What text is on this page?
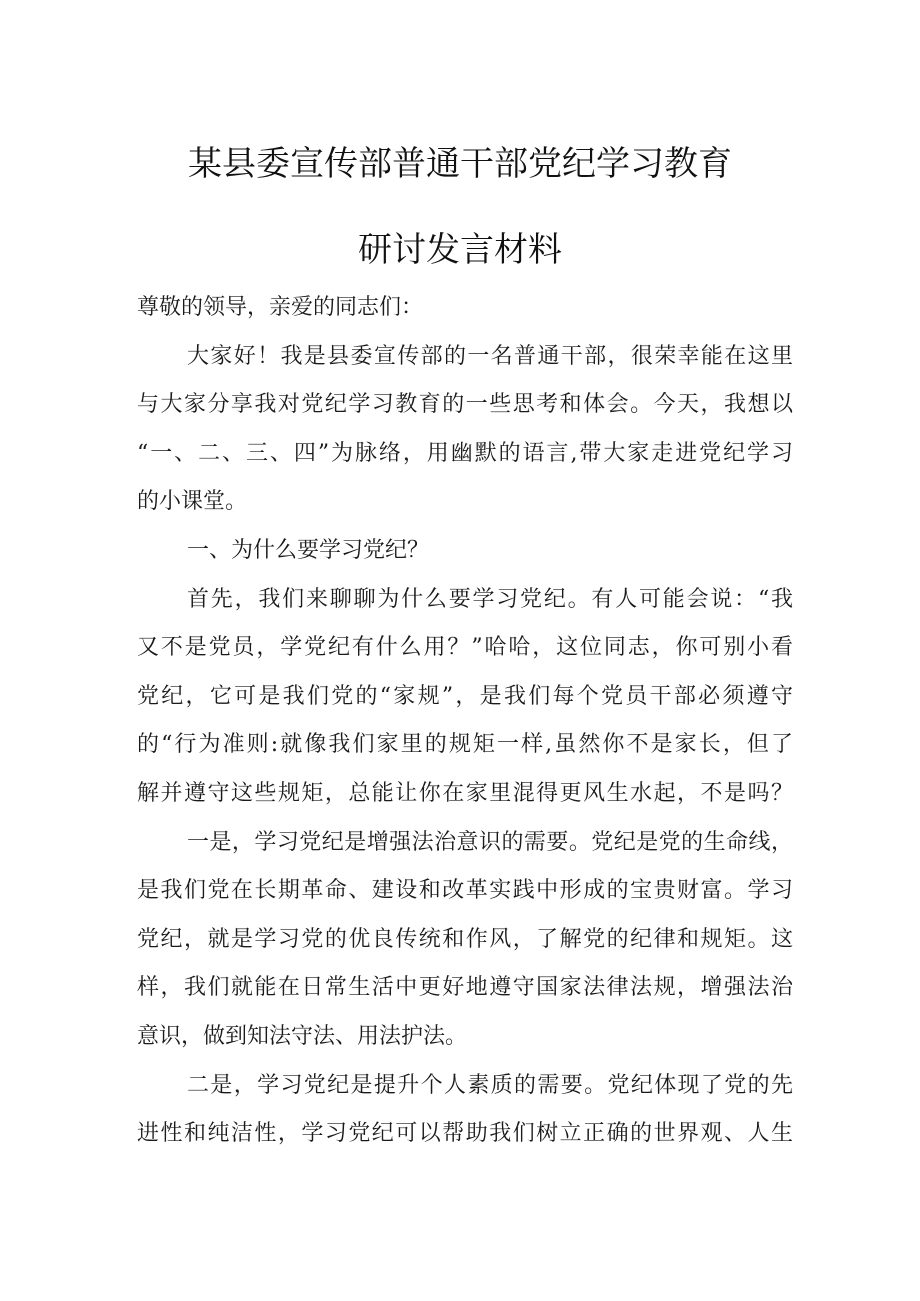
某县委宣传部普通干部党纪学习教育
研讨发言材料
尊敬的领导，亲爱的同志们：
大家好！我是县委宣传部的一名普通干部，很荣幸能在这里
与大家分享我对党纪学习教育的一些思考和体会。今天，我想以
“一、二、三、四”为脉络，用幽默的语言,带大家走进党纪学习
的小课堂。
一、为什么要学习党纪？
首先，我们来聊聊为什么要学习党纪。有人可能会说：“我
又不是党员，学党纪有什么用？”哈哈，这位同志，你可别小看
党纪，它可是我们党的“家规”，是我们每个党员干部必须遵守
的“行为准则:就像我们家里的规矩一样,虽然你不是家长，但了
解并遵守这些规矩，总能让你在家里混得更风生水起，不是吗？
一是，学习党纪是增强法治意识的需要。党纪是党的生命线，
是我们党在长期革命、建设和改革实践中形成的宝贵财富。学习
党纪，就是学习党的优良传统和作风，了解党的纪律和规矩。这
样，我们就能在日常生活中更好地遵守国家法律法规，增强法治
意识，做到知法守法、用法护法。
二是，学习党纪是提升个人素质的需要。党纪体现了党的先
进性和纯洁性，学习党纪可以帮助我们树立正确的世界观、人生
